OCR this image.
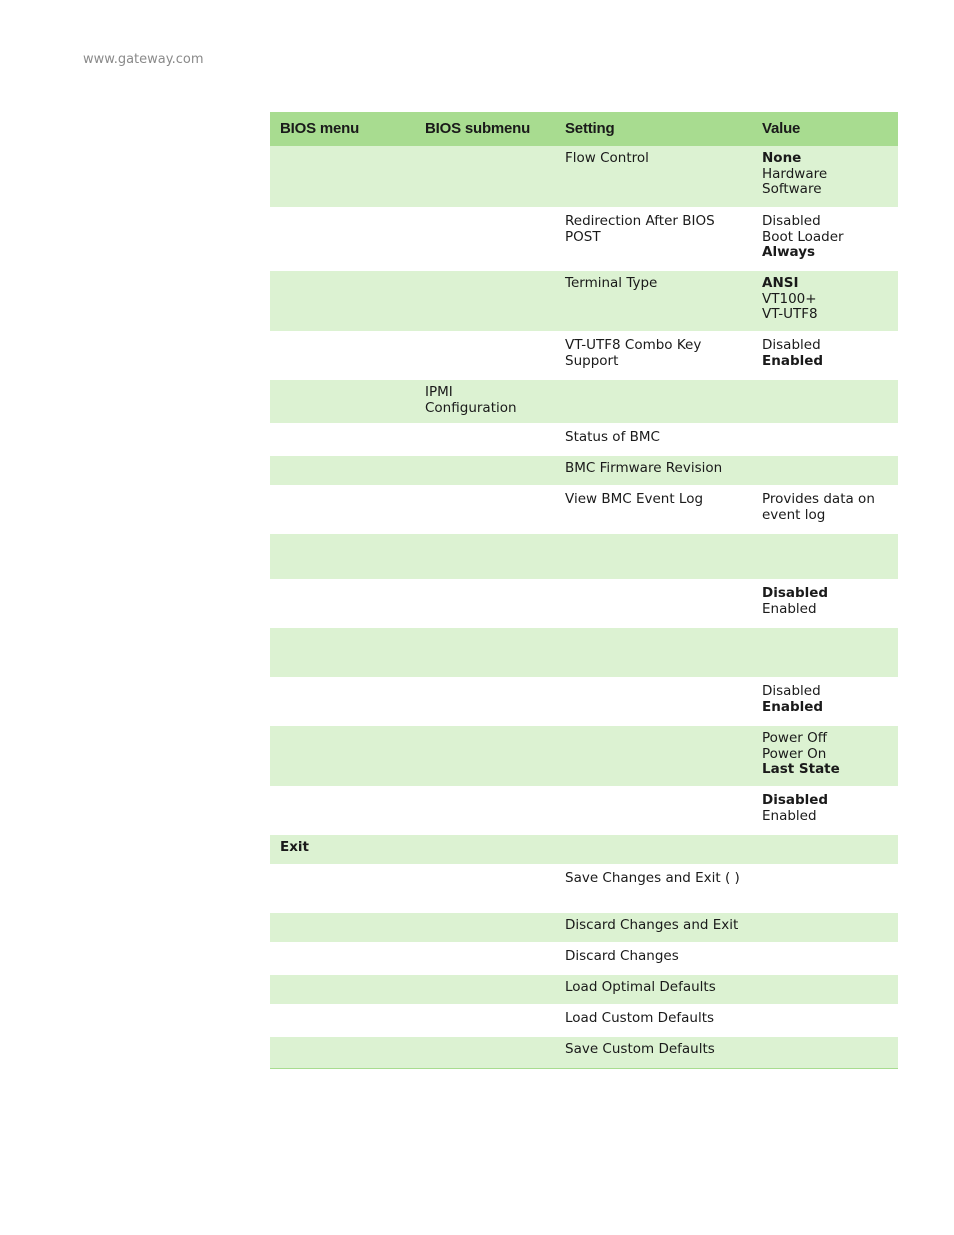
www.gateway.com
BIOS menu	BIOS submenu	Setting	Value
		Flow Control	None
Hardware
Software

		Redirection After BIOS POST	Disabled
Boot Loader
Always

		Terminal Type	ANSI
VT100+
VT-UTF8

		VT-UTF8 Combo Key Support	Disabled
Enabled

	IPMI Configuration		
		Status of BMC	
		BMC Firmware Revision	
		View BMC Event Log	Provides data on event log

			Disabled
Enabled

			Disabled
Enabled

			Power Off
Power On
Last State

			Disabled
Enabled

Exit			
		Save Changes and Exit ( )	
		Discard Changes and Exit	
		Discard Changes	
		Load Optimal Defaults	
		Load Custom Defaults	
		Save Custom Defaults	
